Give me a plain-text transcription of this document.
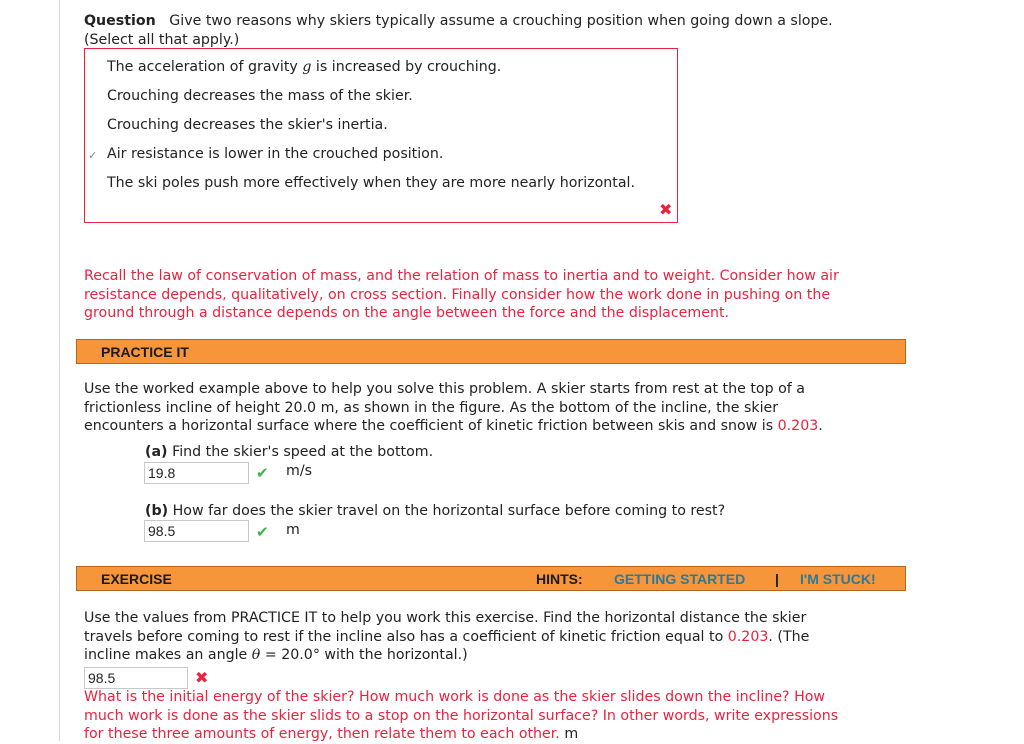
Question Give two reasons why skiers typically assume a crouching position when going down a slope.
(Select all that apply.)
The acceleration of gravity g is increased by crouching.
Crouching decreases the mass of the skier.
Crouching decreases the skier's inertia.
✓ Air resistance is lower in the crouched position.
The ski poles push more effectively when they are more nearly horizontal.
✖
Recall the law of conservation of mass, and the relation of mass to inertia and to weight. Consider how air
resistance depends, qualitatively, on cross section. Finally consider how the work done in pushing on the
ground through a distance depends on the angle between the force and the displacement.
PRACTICE IT
Use the worked example above to help you solve this problem. A skier starts from rest at the top of a
frictionless incline of height 20.0 m, as shown in the figure. As the bottom of the incline, the skier
encounters a horizontal surface where the coefficient of kinetic friction between skis and snow is 0.203.
(a) Find the skier's speed at the bottom.
19.8	✔ m/s
(b) How far does the skier travel on the horizontal surface before coming to rest?
98.5	✔ m
EXERCISE	HINTS: GETTING STARTED | I'M STUCK!
Use the values from PRACTICE IT to help you work this exercise. Find the horizontal distance the skier
travels before coming to rest if the incline also has a coefficient of kinetic friction equal to 0.203. (The
incline makes an angle θ = 20.0° with the horizontal.)
98.5	✖
What is the initial energy of the skier? How much work is done as the skier slides down the incline? How
much work is done as the skier slids to a stop on the horizontal surface? In other words, write expressions
for these three amounts of energy, then relate them to each other. m
